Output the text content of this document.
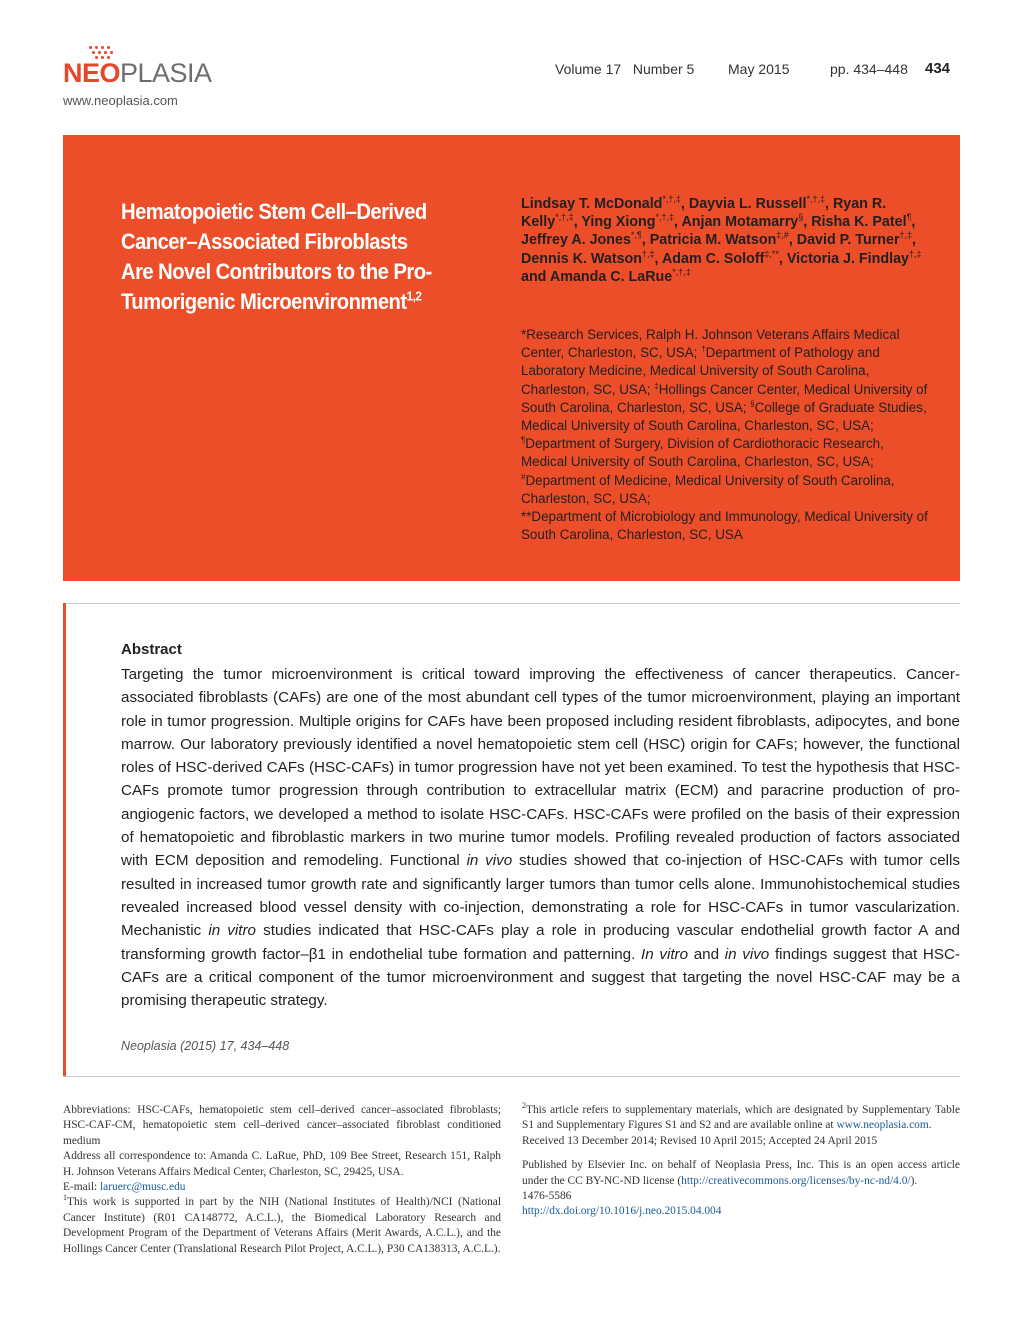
NEOPLASIA
www.neoplasia.com
Volume 17 Number 5 May 2015	pp. 434–448 434
Hematopoietic Stem Cell–Derived Cancer–Associated Fibroblasts Are Novel Contributors to the Pro-Tumorigenic Microenvironment$^{1,2}$
Lindsay T. McDonald*,†,‡, Dayvia L. Russell*,†,‡, Ryan R. Kelly*,†,‡, Ying Xiong*,†,‡, Anjan Motamarry§, Risha K. Patel¶, Jeffrey A. Jones*,¶, Patricia M. Watson‡,#, David P. Turner†,‡, Dennis K. Watson†,‡, Adam C. Soloff‡,**, Victoria J. Findlay†,‡ and Amanda C. LaRue*,†,‡
*Research Services, Ralph H. Johnson Veterans Affairs Medical Center, Charleston, SC, USA; †Department of Pathology and Laboratory Medicine, Medical University of South Carolina, Charleston, SC, USA; ‡Hollings Cancer Center, Medical University of South Carolina, Charleston, SC, USA; §College of Graduate Studies, Medical University of South Carolina, Charleston, SC, USA; ¶Department of Surgery, Division of Cardiothoracic Research, Medical University of South Carolina, Charleston, SC, USA; #Department of Medicine, Medical University of South Carolina, Charleston, SC, USA;
**Department of Microbiology and Immunology, Medical University of South Carolina, Charleston, SC, USA
Abstract
Targeting the tumor microenvironment is critical toward improving the effectiveness of cancer therapeutics. Cancer-associated fibroblasts (CAFs) are one of the most abundant cell types of the tumor microenvironment, playing an important role in tumor progression. Multiple origins for CAFs have been proposed including resident fibroblasts, adipocytes, and bone marrow. Our laboratory previously identified a novel hematopoietic stem cell (HSC) origin for CAFs; however, the functional roles of HSC-derived CAFs (HSC-CAFs) in tumor progression have not yet been examined. To test the hypothesis that HSC-CAFs promote tumor progression through contribution to extracellular matrix (ECM) and paracrine production of pro-angiogenic factors, we developed a method to isolate HSC-CAFs. HSC-CAFs were profiled on the basis of their expression of hematopoietic and fibroblastic markers in two murine tumor models. Profiling revealed production of factors associated with ECM deposition and remodeling. Functional in vivo studies showed that co-injection of HSC-CAFs with tumor cells resulted in increased tumor growth rate and significantly larger tumors than tumor cells alone. Immunohistochemical studies revealed increased blood vessel density with co-injection, demonstrating a role for HSC-CAFs in tumor vascularization. Mechanistic in vitro studies indicated that HSC-CAFs play a role in producing vascular endothelial growth factor A and transforming growth factor–β1 in endothelial tube formation and patterning. In vitro and in vivo findings suggest that HSC-CAFs are a critical component of the tumor microenvironment and suggest that targeting the novel HSC-CAF may be a promising therapeutic strategy.
Neoplasia (2015) 17, 434–448
Abbreviations: HSC-CAFs, hematopoietic stem cell–derived cancer–associated fibroblasts; HSC-CAF-CM, hematopoietic stem cell–derived cancer–associated fibroblast conditioned medium
Address all correspondence to: Amanda C. LaRue, PhD, 109 Bee Street, Research 151, Ralph H. Johnson Veterans Affairs Medical Center, Charleston, SC, 29425, USA.
E-mail: laruerc@musc.edu
$^1$This work is supported in part by the NIH (National Institutes of Health)/NCI (National Cancer Institute) (R01 CA148772, A.C.L.), the Biomedical Laboratory Research and Development Program of the Department of Veterans Affairs (Merit Awards, A.C.L.), and the Hollings Cancer Center (Translational Research Pilot Project, A.C.L.), P30 CA138313, A.C.L.).
$^2$This article refers to supplementary materials, which are designated by Supplementary Table S1 and Supplementary Figures S1 and S2 and are available online at www.neoplasia.com.
Received 13 December 2014; Revised 10 April 2015; Accepted 24 April 2015
Published by Elsevier Inc. on behalf of Neoplasia Press, Inc. This is an open access article under the CC BY-NC-ND license (http://creativecommons.org/licenses/by-nc-nd/4.0/).
1476-5586
http://dx.doi.org/10.1016/j.neo.2015.04.004
